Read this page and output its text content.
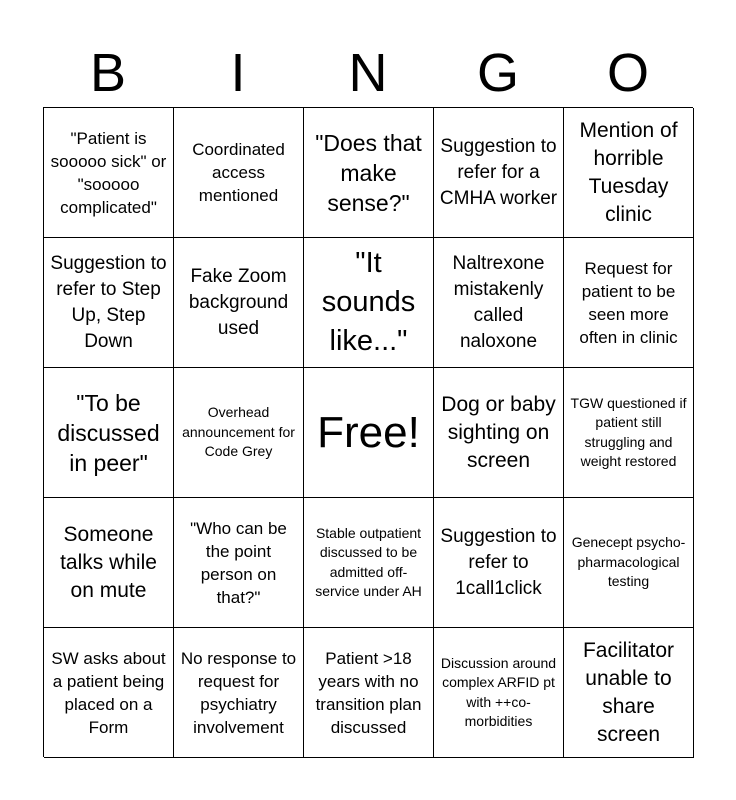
B	I	N	G	O
"Patient is sooooo sick" or "sooooo complicated"
Coordinated access mentioned
"Does that make sense?"
Suggestion to refer for a CMHA worker
Mention of horrible Tuesday clinic
Suggestion to refer to Step Up, Step Down
Fake Zoom background used
"It sounds like..."
Naltrexone mistakenly called naloxone
Request for patient to be seen more often in clinic
"To be discussed in peer"
Overhead announcement for Code Grey	Free!
Dog or baby sighting on screen
TGW questioned if patient still struggling and weight restored
Someone talks while on mute
"Who can be the point person on that?"
Stable outpatient discussed to be admitted off-service under AH
Suggestion to refer to 1call1click
Genecept psycho-pharmacological testing
SW asks about a patient being placed on a Form
No response to request for psychiatry involvement
Patient >18 years with no transition plan discussed
Discussion around complex ARFID pt with ++co-morbidities
Facilitator unable to share screen
